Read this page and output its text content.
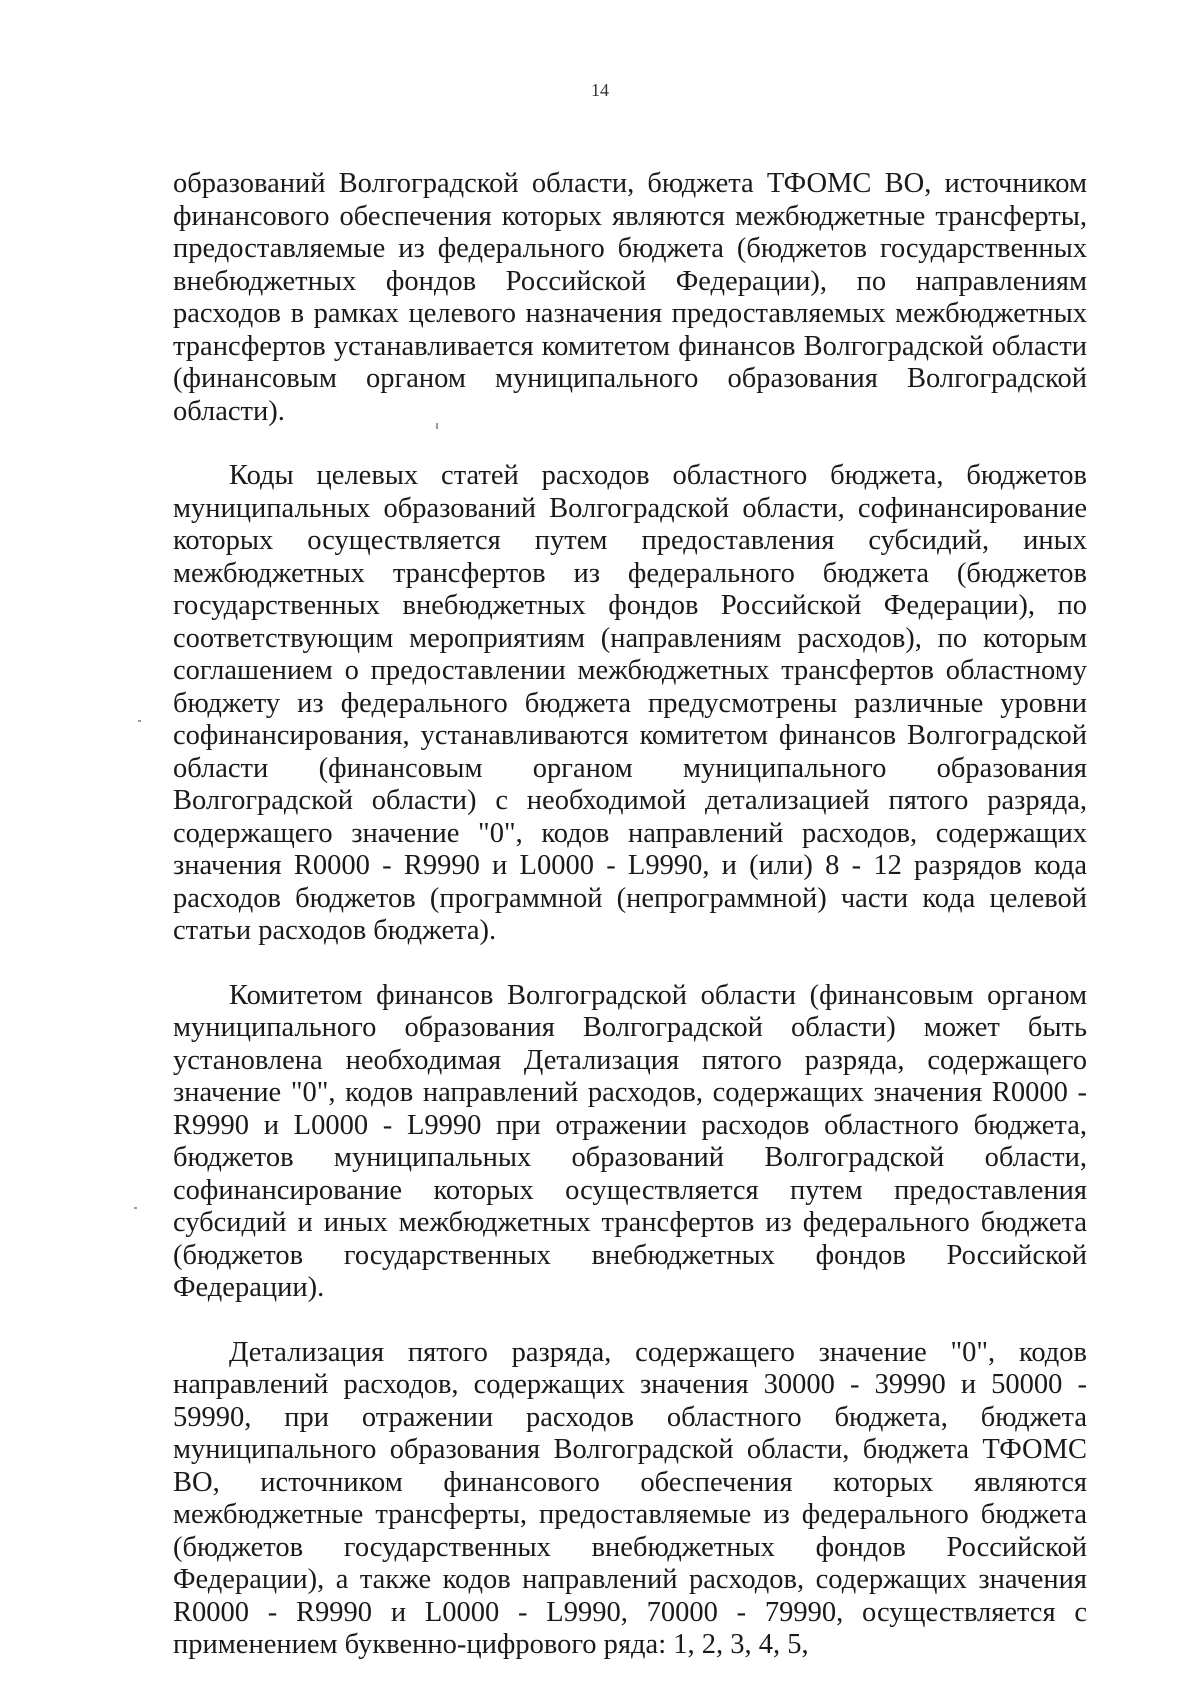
14

образований Волгоградской области, бюджета ТФОМС ВО, источником финансового обеспечения которых являются межбюджетные трансферты, предоставляемые из федерального бюджета (бюджетов государственных внебюджетных фондов Российской Федерации), по направлениям расходов в рамках целевого назначения предоставляемых межбюджетных трансфертов устанавливается комитетом финансов Волгоградской области (финансовым органом муниципального образования Волгоградской области).

Коды целевых статей расходов областного бюджета, бюджетов муниципальных образований Волгоградской области, софинансирование которых осуществляется путем предоставления субсидий, иных межбюджетных трансфертов из федерального бюджета (бюджетов государственных внебюджетных фондов Российской Федерации), по соответствующим мероприятиям (направлениям расходов), по которым соглашением о предоставлении межбюджетных трансфертов областному бюджету из федерального бюджета предусмотрены различные уровни софинансирования, устанавливаются комитетом финансов Волгоградской области (финансовым органом муниципального образования Волгоградской области) с необходимой детализацией пятого разряда, содержащего значение "0", кодов направлений расходов, содержащих значения R0000 - R9990 и L0000 - L9990, и (или) 8 - 12 разрядов кода расходов бюджетов (программной (непрограммной) части кода целевой статьи расходов бюджета).

Комитетом финансов Волгоградской области (финансовым органом муниципального образования Волгоградской области) может быть установлена необходимая Детализация пятого разряда, содержащего значение "0", кодов направлений расходов, содержащих значения R0000 - R9990 и L0000 - L9990 при отражении расходов областного бюджета, бюджетов муниципальных образований Волгоградской области, софинансирование которых осуществляется путем предоставления субсидий и иных межбюджетных трансфертов из федерального бюджета (бюджетов государственных внебюджетных фондов Российской Федерации).

Детализация пятого разряда, содержащего значение "0", кодов направлений расходов, содержащих значения 30000 - 39990 и 50000 - 59990, при отражении расходов областного бюджета, бюджета муниципального образования Волгоградской области, бюджета ТФОМС ВО, источником финансового обеспечения которых являются межбюджетные трансферты, предоставляемые из федерального бюджета (бюджетов государственных внебюджетных фондов Российской Федерации), а также кодов направлений расходов, содержащих значения R0000 - R9990 и L0000 - L9990, 70000 - 79990, осуществляется с применением буквенно-цифрового ряда: 1, 2, 3, 4, 5,
